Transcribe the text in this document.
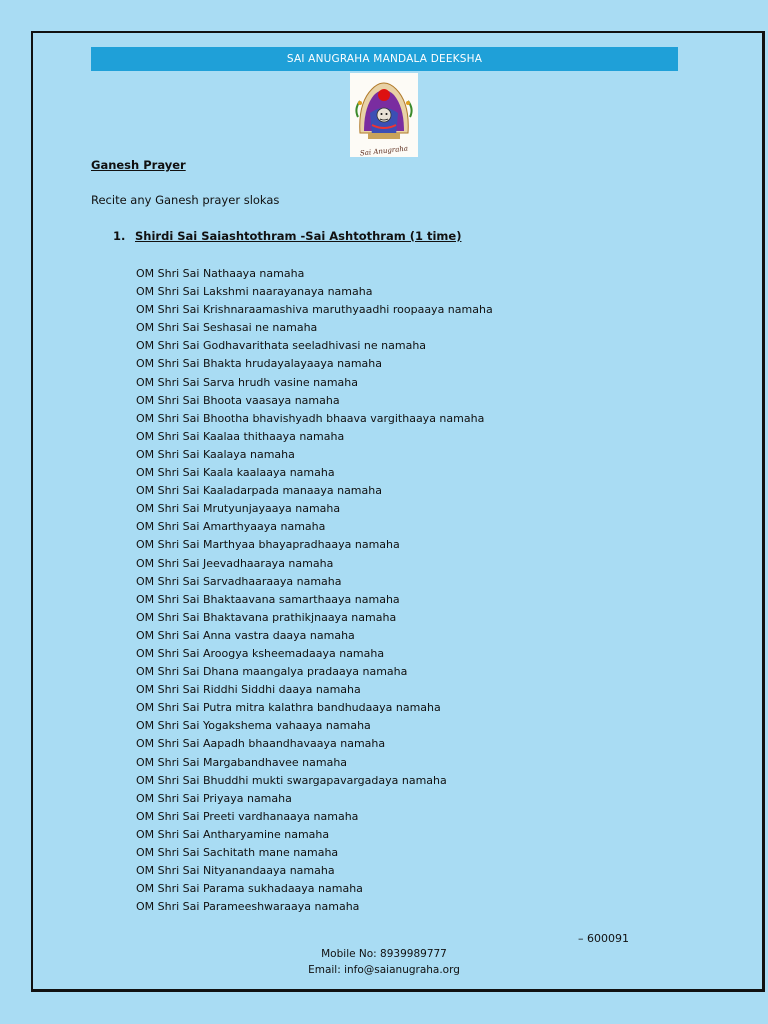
SAI ANUGRAHA MANDALA DEEKSHA
Sai Anugraha
Ganesh Prayer
Recite any Ganesh prayer slokas
1. Shirdi Sai Saiashtothram -Sai Ashtothram (1 time)
OM Shri Sai Nathaaya namaha
OM Shri Sai Lakshmi naarayanaya namaha
OM Shri Sai Krishnaraamashiva maruthyaadhi roopaaya namaha
OM Shri Sai Seshasai ne namaha
OM Shri Sai Godhavarithata seeladhivasi ne namaha
OM Shri Sai Bhakta hrudayalayaaya namaha
OM Shri Sai Sarva hrudh vasine namaha
OM Shri Sai Bhoota vaasaya namaha
OM Shri Sai Bhootha bhavishyadh bhaava vargithaaya namaha
OM Shri Sai Kaalaa thithaaya namaha
OM Shri Sai Kaalaya namaha
OM Shri Sai Kaala kaalaaya namaha
OM Shri Sai Kaaladarpada manaaya namaha
OM Shri Sai Mrutyunjayaaya namaha
OM Shri Sai Amarthyaaya namaha
OM Shri Sai Marthyaa bhayapradhaaya namaha
OM Shri Sai Jeevadhaaraya namaha
OM Shri Sai Sarvadhaaraaya namaha
OM Shri Sai Bhaktaavana samarthaaya namaha
OM Shri Sai Bhaktavana prathikjnaaya namaha
OM Shri Sai Anna vastra daaya namaha
OM Shri Sai Aroogya ksheemadaaya namaha
OM Shri Sai Dhana maangalya pradaaya namaha
OM Shri Sai Riddhi Siddhi daaya namaha
OM Shri Sai Putra mitra kalathra bandhudaaya namaha
OM Shri Sai Yogakshema vahaaya namaha
OM Shri Sai Aapadh bhaandhavaaya namaha
OM Shri Sai Margabandhavee namaha
OM Shri Sai Bhuddhi mukti swargapavargadaya namaha
OM Shri Sai Priyaya namaha
OM Shri Sai Preeti vardhanaaya namaha
OM Shri Sai Antharyamine namaha
OM Shri Sai Sachitath mane namaha
OM Shri Sai Nityanandaaya namaha
OM Shri Sai Parama sukhadaaya namaha
OM Shri Sai Parameeshwaraaya namaha
– 600091
Mobile No: 8939989777
Email: info@saianugraha.org
